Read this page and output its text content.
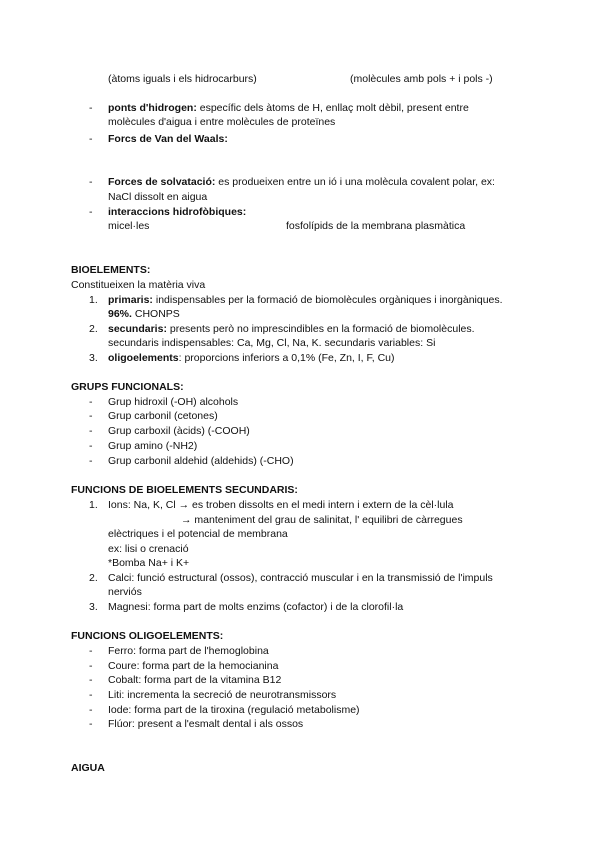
(àtoms iguals i els hidrocarburs)	(molècules amb pols + i pols -)
- ponts d'hidrogen: específic dels àtoms de H, enllaç molt dèbil, present entre
molècules d'aigua i entre molècules de proteïnes
- Forcs de Van del Waals:
- Forces de solvatació: es produeixen entre un ió i una molècula covalent polar, ex:
NaCl dissolt en aigua
- interaccions hidrofòbiques:
micel·les	fosfolípids de la membrana plasmàtica
BIOELEMENTS:
Constitueixen la matèria viva
1. primaris: indispensables per la formació de biomolècules orgàniques i inorgàniques.
96%. CHONPS
2. secundaris: presents però no imprescindibles en la formació de biomolècules.
secundaris indispensables: Ca, Mg, Cl, Na, K. secundaris variables: Si
3. oligoelements: proporcions inferiors a 0,1% (Fe, Zn, I, F, Cu)
GRUPS FUNCIONALS:
- Grup hidroxil (-OH) alcohols
- Grup carbonil (cetones)
- Grup carboxil (àcids) (-COOH)
- Grup amino (-NH2)
- Grup carbonil aldehid (aldehids) (-CHO)
FUNCIONS DE BIOELEMENTS SECUNDARIS:
1. Ions: Na, K, Cl → es troben dissolts en el medi intern i extern de la cèl·lula
→ manteniment del grau de salinitat, l' equilibri de càrregues
elèctriques i el potencial de membrana
ex: lisi o crenació
*Bomba Na+ i K+
2. Calci: funció estructural (ossos), contracció muscular i en la transmissió de l'impuls
nerviós
3. Magnesi: forma part de molts enzims (cofactor) i de la clorofil·la
FUNCIONS OLIGOELEMENTS:
- Ferro: forma part de l'hemoglobina
- Coure: forma part de la hemocianina
- Cobalt: forma part de la vitamina B12
- Liti: incrementa la secreció de neurotransmissors
- Iode: forma part de la tiroxina (regulació metabolisme)
- Flúor: present a l'esmalt dental i als ossos
AIGUA
